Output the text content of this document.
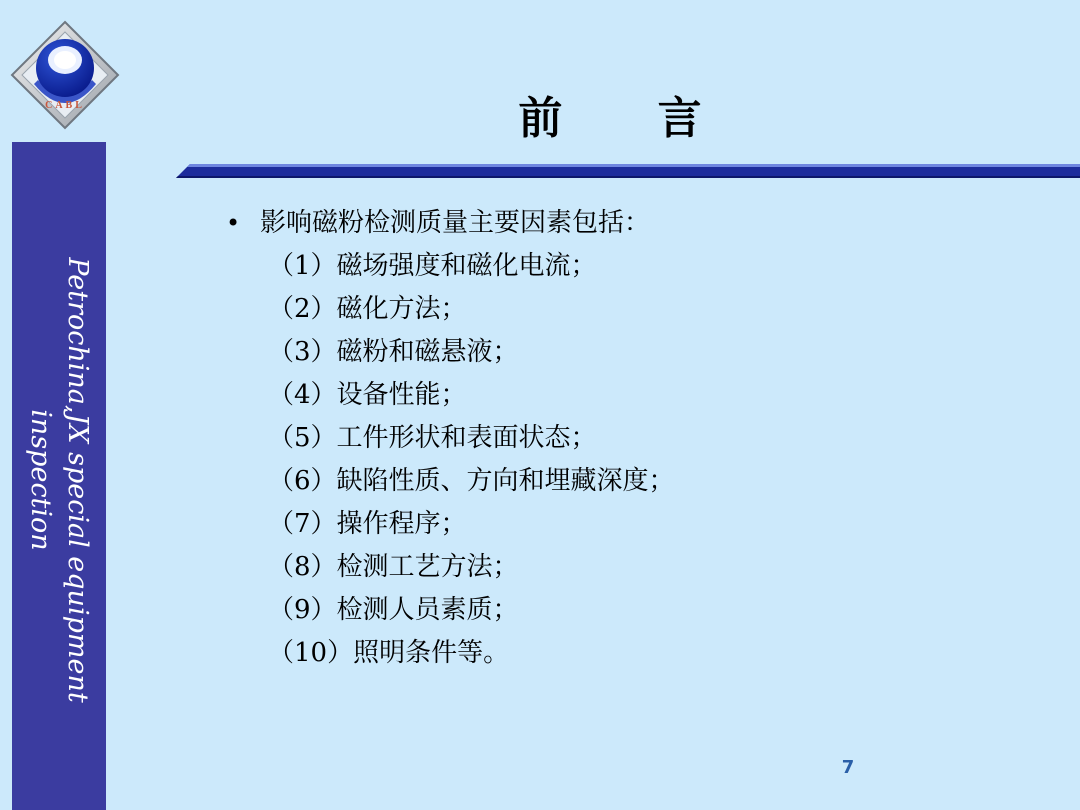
CABL
Petrochina,JX special equipment
inspection
前 言
• 影响磁粉检测质量主要因素包括：
（1）磁场强度和磁化电流；
（2）磁化方法；
（3）磁粉和磁悬液；
（4）设备性能；
（5）工件形状和表面状态；
（6）缺陷性质、方向和埋藏深度；
（7）操作程序；
（8）检测工艺方法；
（9）检测人员素质；
（10）照明条件等。
7
